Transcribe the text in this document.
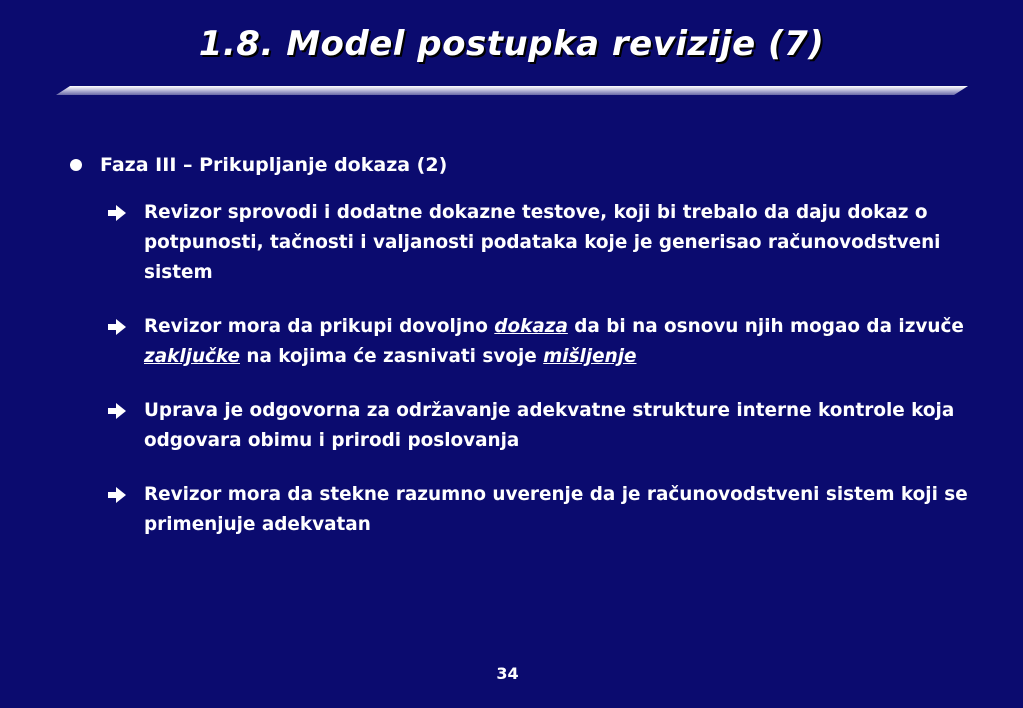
1.8. Model postupka revizije (7)
Faza III – Prikupljanje dokaza (2)
Revizor sprovodi i dodatne dokazne testove, koji bi trebalo da daju dokaz o potpunosti, tačnosti i valjanosti podataka koje je generisao računovodstveni sistem
Revizor mora da prikupi dovoljno dokaza da bi na osnovu njih mogao da izvuče zaključke na kojima će zasnivati svoje mišljenje
Uprava je odgovorna za održavanje adekvatne strukture interne kontrole koja odgovara obimu i prirodi poslovanja
Revizor mora da stekne razumno uverenje da je računovodstveni sistem koji se primenjuje adekvatan
34
